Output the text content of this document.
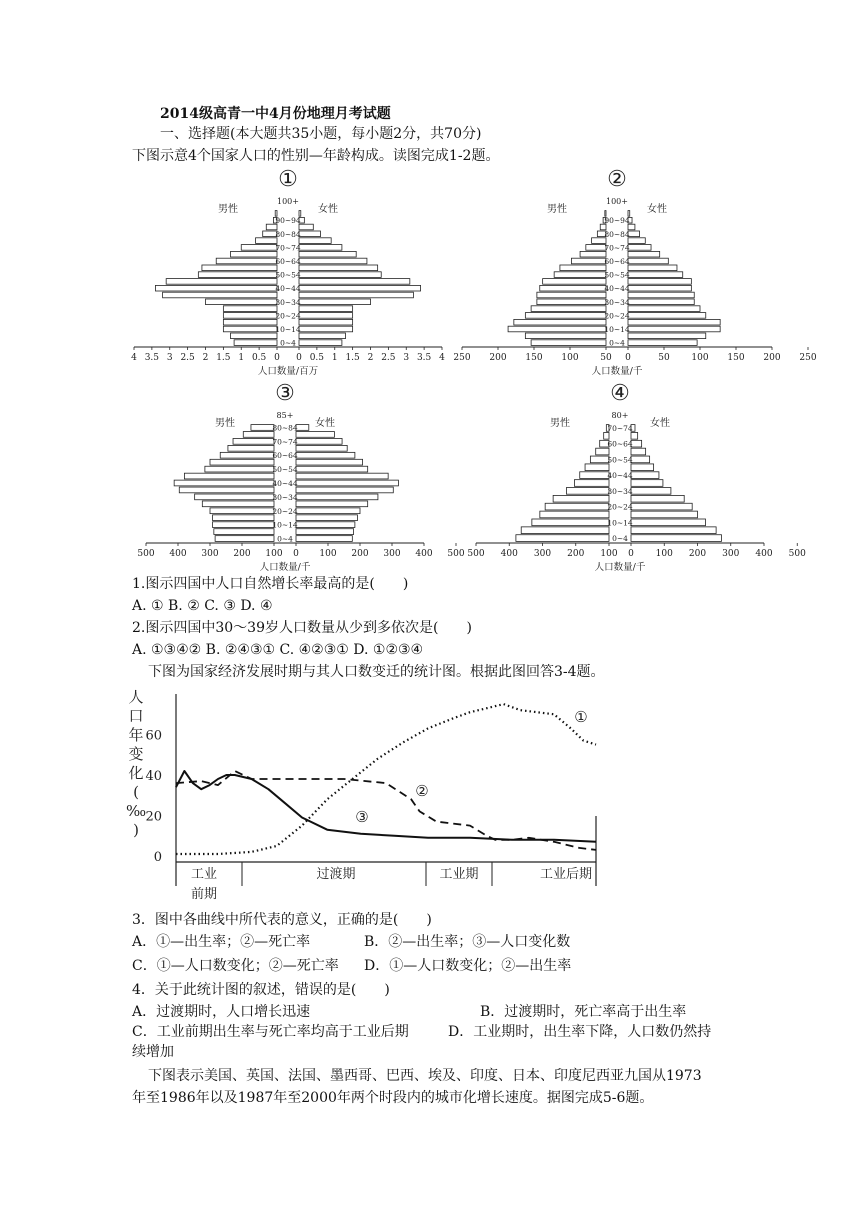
2014级高青一中4月份地理月考试题
一、选择题(本大题共35小题，每小题2分，共70分)
下图示意4个国家人口的性别—年龄构成。读图完成1-2题。
①
男性	女性
100+
0~4
10~14
20~24
30~34
40~44
50~54
60~64
70~74
80~84
90~94
4 3.5 3 2.5 2 1.5 1 0.5 0 0 0.5 1 1.5 2 2.5 3 3.5 4
人口数量/百万
②
男性	女性
100+
0~4
10~14
20~24
30~34
40~44
50~54
60~64
70~74
80~84
90~94
250 200 150 100 50 0	50 100 150 200 250
人口数量/千
③
男性	女性
85+
0~4
10~14
20~24
30~34
40~44
50~54
60~64
70~74
80~84
500 400 300 200 100 0 100 200 300 400 500
人口数量/千
④
男性	女性
80+
0~4
10~14
20~24
30~34
40~44
50~54
60~64
70~74
500 400 300 200 100 0 100 200 300 400 500
人口数量/千
1.图示四国中人口自然增长率最高的是(　　)
A. ① B. ② C. ③ D. ④
2.图示四国中30～39岁人口数量从少到多依次是(　　)
A. ①③④② B. ②④③① C. ④②③① D. ①②③④
下图为国家经济发展时期与其人口数变迁的统计图。根据此图回答3-4题。
人
口
年
变
化
(
‰
)
0
20
40
60
工业
前期
过渡期	工业期	工业后期
①
②
③
3．图中各曲线中所代表的意义，正确的是(　　)
A．①—出生率；②—死亡率	B．②—出生率；③—人口变化数
C．①—人口数变化；②—死亡率 D．①—人口数变化；②—出生率
4．关于此统计图的叙述，错误的是(　　)
A．过渡期时，人口增长迅速	B．过渡期时，死亡率高于出生率
C．工业前期出生率与死亡率均高于工业后期	D．工业期时，出生率下降，人口数仍然持
续增加
下图表示美国、英国、法国、墨西哥、巴西、埃及、印度、日本、印度尼西亚九国从1973
年至1986年以及1987年至2000年两个时段内的城市化增长速度。据图完成5-6题。
